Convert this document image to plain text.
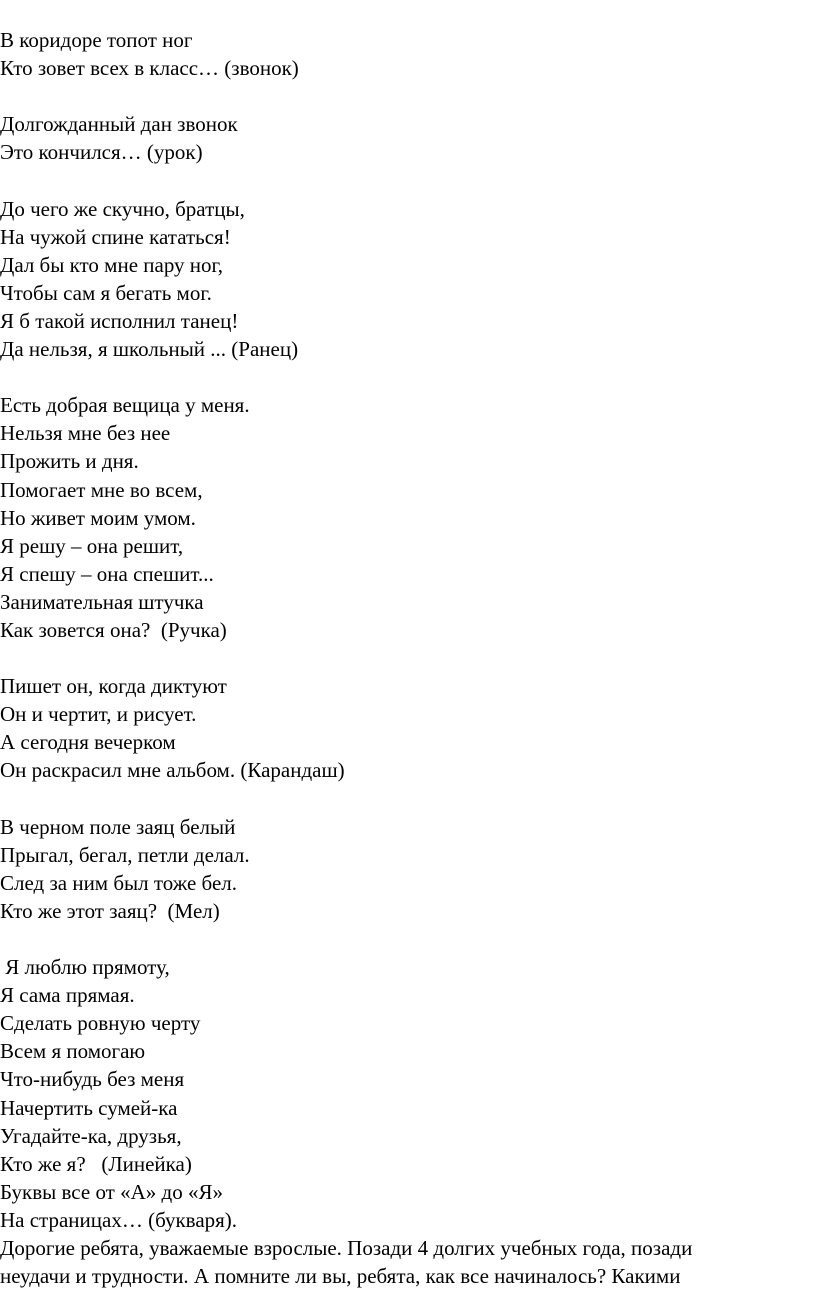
В коридоре топот ног
Кто зовет всех в класс… (звонок)
Долгожданный дан звонок
Это кончился… (урок)
До чего же скучно, братцы,
На чужой спине кататься!
Дал бы кто мне пару ног,
Чтобы сам я бегать мог.
Я б такой исполнил танец!
Да нельзя, я школьный ... (Ранец)
Есть добрая вещица у меня.
Нельзя мне без нее
Прожить и дня.
Помогает мне во всем,
Но живет моим умом.
Я решу – она решит,
Я спешу – она спешит...
Занимательная штучка
Как зовется она?  (Ручка)
Пишет он, когда диктуют
Он и чертит, и рисует.
А сегодня вечерком
Он раскрасил мне альбом. (Карандаш)
В черном поле заяц белый
Прыгал, бегал, петли делал.
След за ним был тоже бел.
Кто же этот заяц?  (Мел)
Я люблю прямоту,
Я сама прямая.
Сделать ровную черту
Всем я помогаю
Что-нибудь без меня
Начертить сумей-ка
Угадайте-ка, друзья,
Кто же я?   (Линейка)
Буквы все от «А» до «Я»
На страницах… (букваря).
Дорогие ребята, уважаемые взрослые. Позади 4 долгих учебных года, позади
неудачи и трудности. А помните ли вы, ребята, как все начиналось? Какими
